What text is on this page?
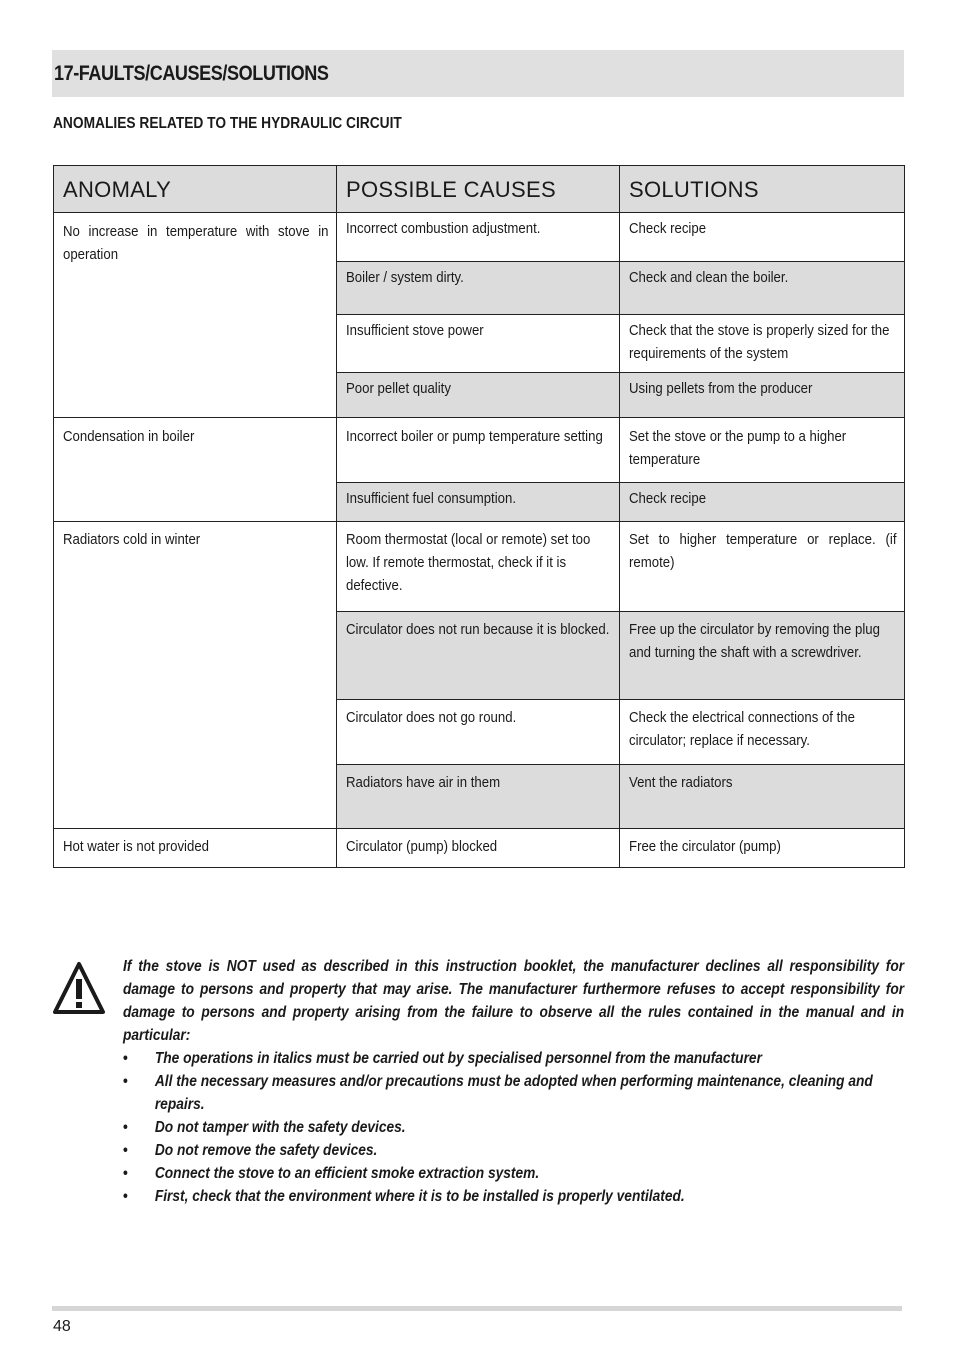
17-FAULTS/CAUSES/SOLUTIONS
ANOMALIES RELATED TO THE HYDRAULIC CIRCUIT
ANOMALY	POSSIBLE CAUSES	SOLUTIONS

No increase in temperature with stove in operation	Incorrect combustion adjustment.	Check recipe

	Boiler / system dirty.	Check and clean the boiler.

	Insufficient stove power	Check that the stove is properly sized for the requirements of the system

	Poor pellet quality	Using pellets from the producer

Condensation in boiler	Incorrect boiler or pump temperature setting	Set the stove or the pump to a higher temperature

	Insufficient fuel consumption.	Check recipe

Radiators cold in winter	Room thermostat (local or remote) set too low. If remote thermostat, check if it is defective.	Set to higher temperature or replace. (if remote)

	Circulator does not run because it is blocked.	Free up the circulator by removing the plug and turning the shaft with a screwdriver.

	Circulator does not go round.	Check the electrical connections of the circulator; replace if necessary.

	Radiators have air in them	Vent the radiators

Hot water is not provided	Circulator (pump) blocked	Free the circulator (pump)

If the stove is NOT used as described in this instruction booklet, the manufacturer declines all responsibility for damage to persons and property that may arise. The manufacturer furthermore refuses to accept responsibility for damage to persons and property arising from the failure to observe all the rules contained in the manual and in particular:

• The operations in italics must be carried out by specialised personnel from the manufacturer
• All the necessary measures and/or precautions must be adopted when performing maintenance, cleaning and repairs.
• Do not tamper with the safety devices.
• Do not remove the safety devices.
• Connect the stove to an efficient smoke extraction system.
• First, check that the environment where it is to be installed is properly ventilated.
48
